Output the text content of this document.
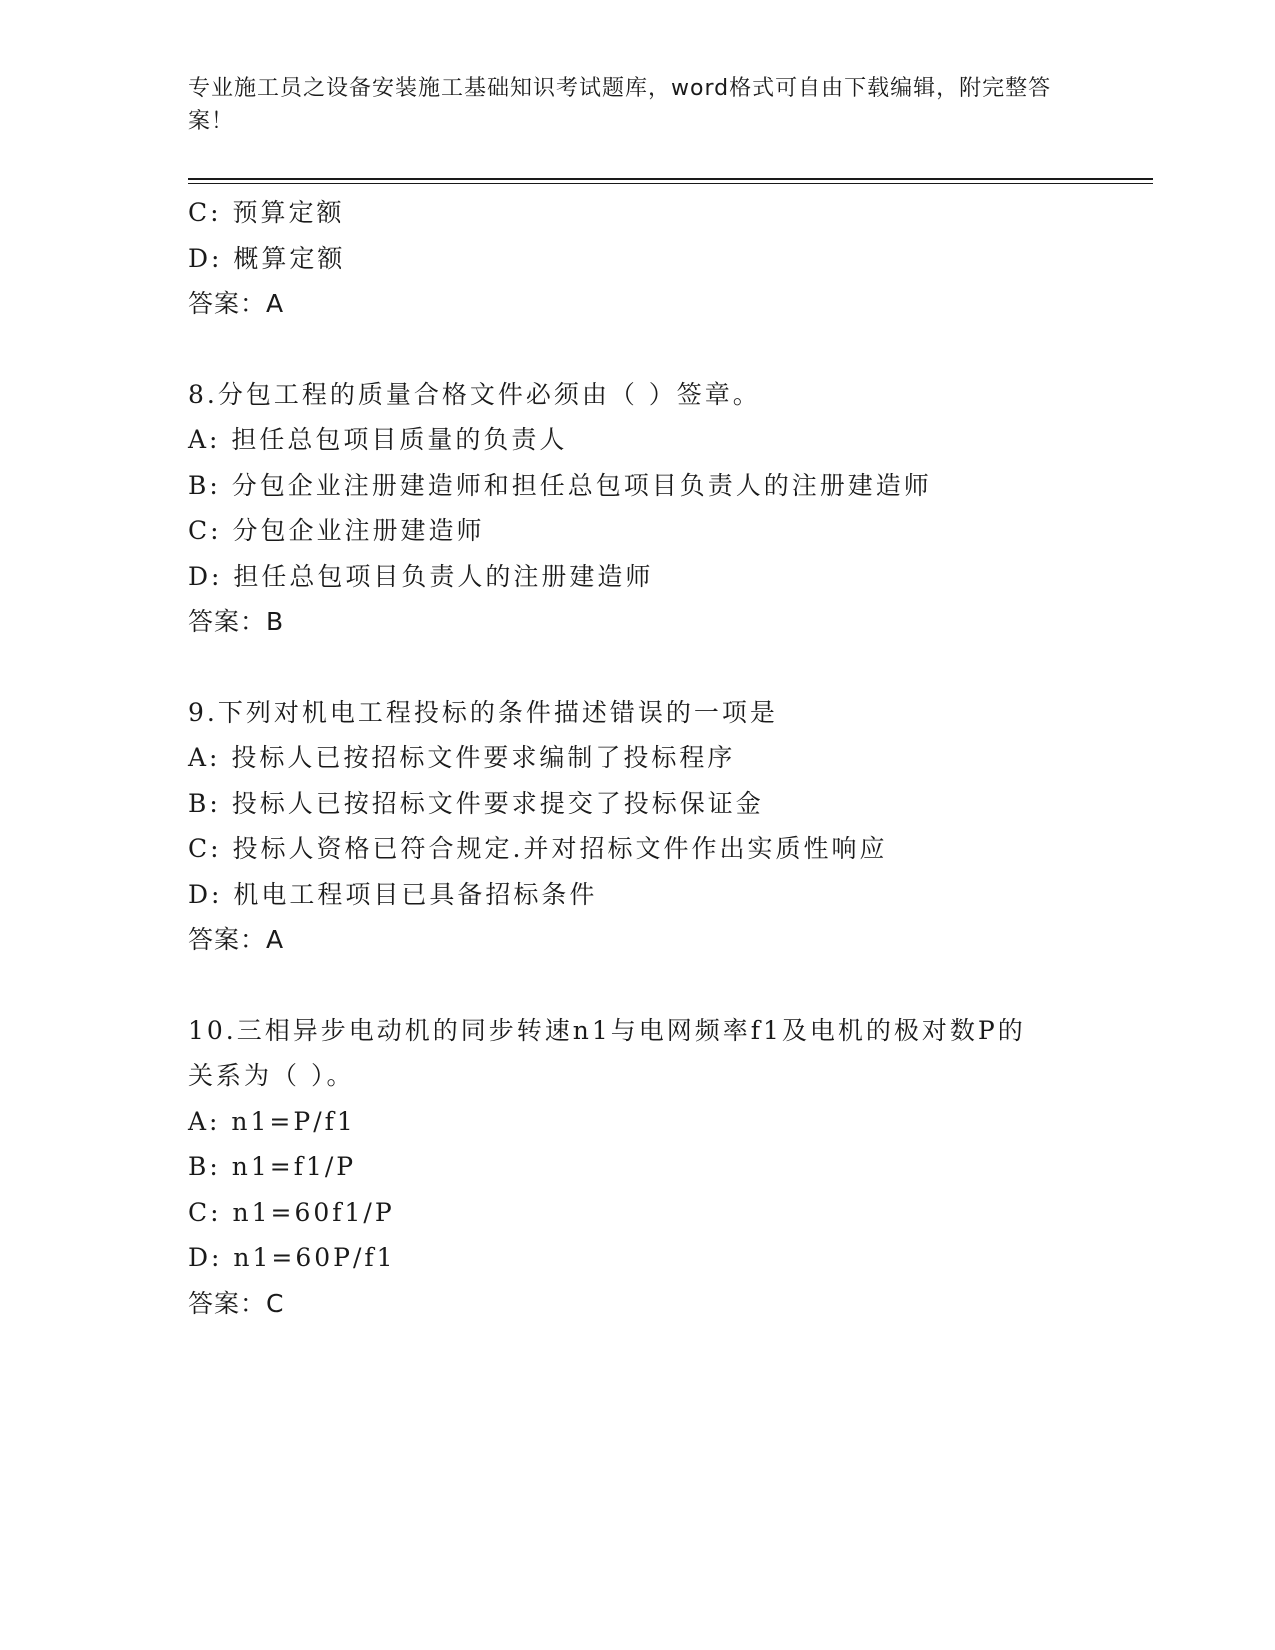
专业施工员之设备安装施工基础知识考试题库，word格式可自由下载编辑，附完整答案！
C: 预算定额
D: 概算定额
答案：A
8.分包工程的质量合格文件必须由（ ）签章。
A: 担任总包项目质量的负责人
B: 分包企业注册建造师和担任总包项目负责人的注册建造师
C: 分包企业注册建造师
D: 担任总包项目负责人的注册建造师
答案：B
9.下列对机电工程投标的条件描述错误的一项是
A: 投标人已按招标文件要求编制了投标程序
B: 投标人已按招标文件要求提交了投标保证金
C: 投标人资格已符合规定.并对招标文件作出实质性响应
D: 机电工程项目已具备招标条件
答案：A
10.三相异步电动机的同步转速n1与电网频率f1及电机的极对数P的
关系为（ ）。
A: n1=P/f1
B: n1=f1/P
C: n1=60f1/P
D: n1=60P/f1
答案：C
